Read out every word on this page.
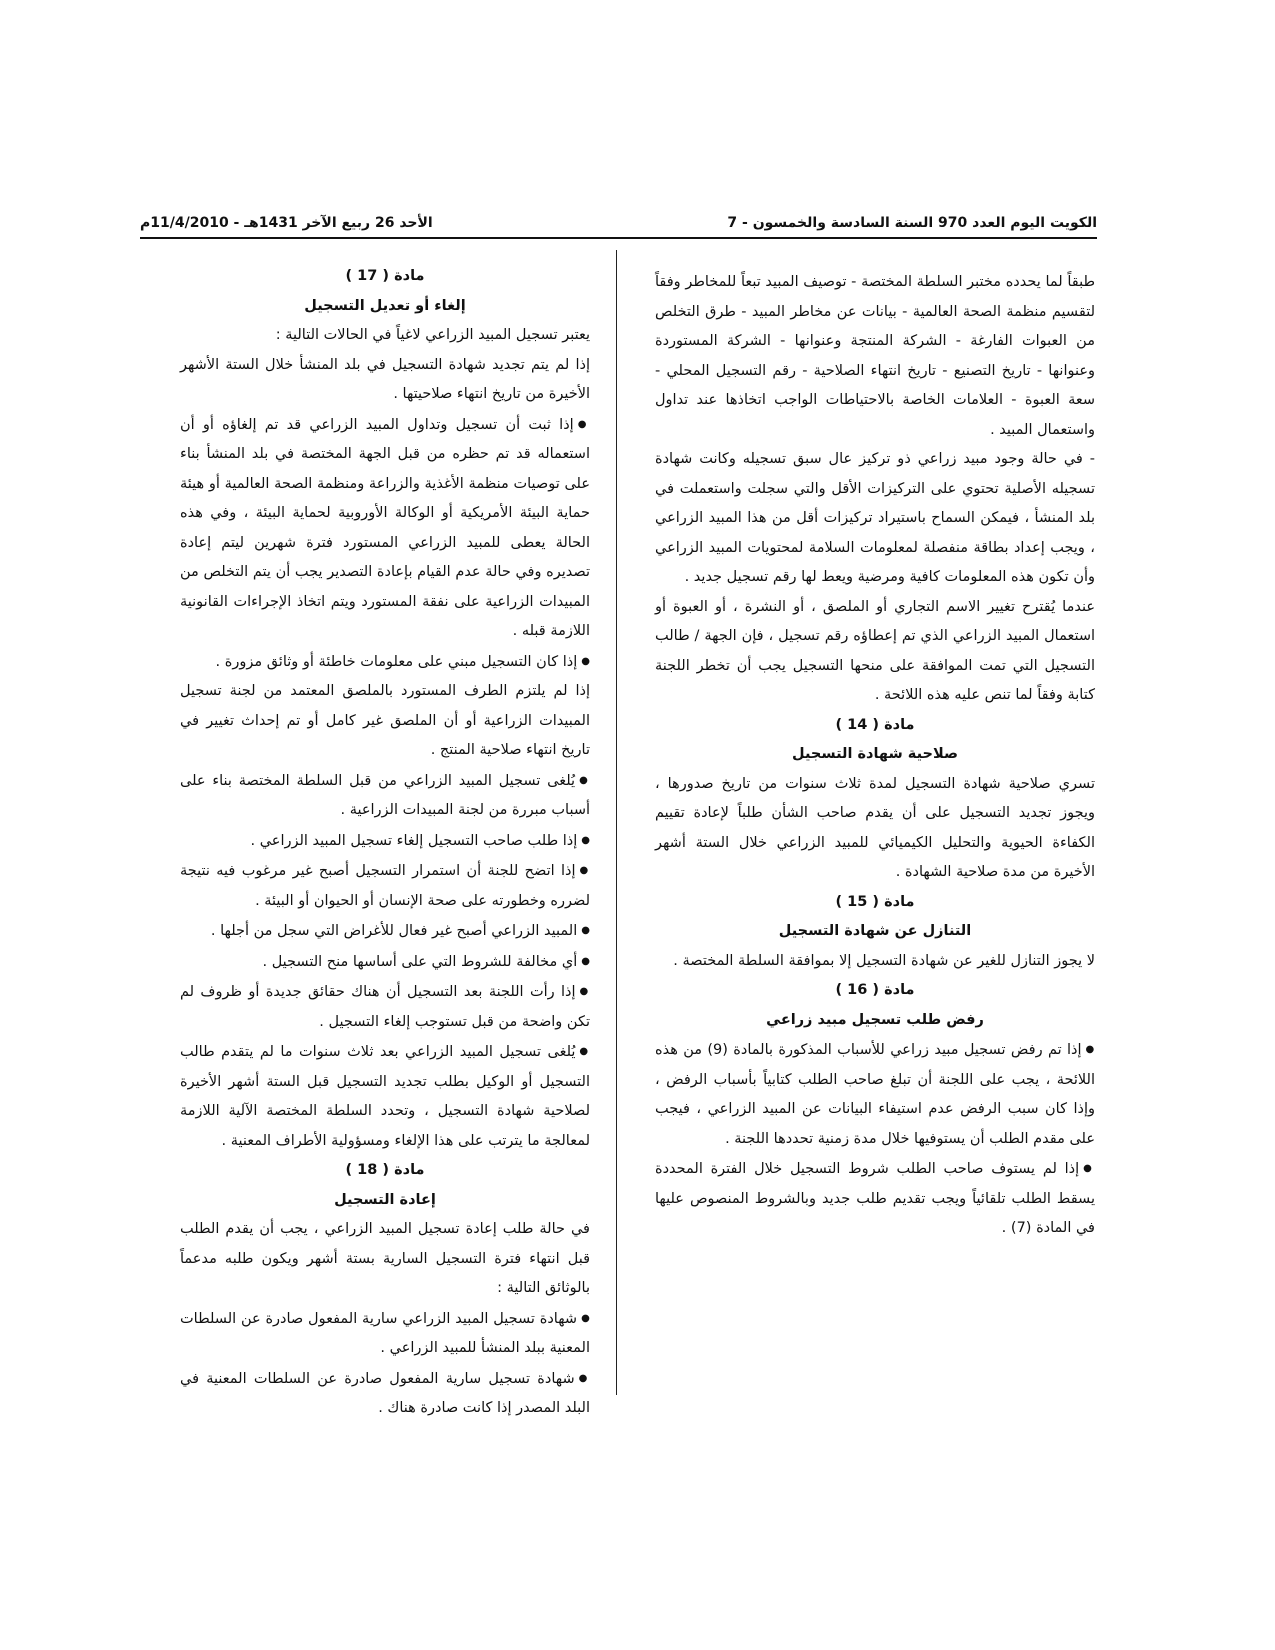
الكويت اليوم العدد 970 السنة السادسة والخمسون - 7
الأحد 26 ربيع الآخر 1431هـ - 11/4/2010م

طبقاً لما يحدده مختبر السلطة المختصة - توصيف المبيد تبعاً للمخاطر وفقاً لتقسيم منظمة الصحة العالمية - بيانات عن مخاطر المبيد - طرق التخلص من العبوات الفارغة - الشركة المنتجة وعنوانها - الشركة المستوردة وعنوانها - تاريخ التصنيع - تاريخ انتهاء الصلاحية - رقم التسجيل المحلي - سعة العبوة - العلامات الخاصة بالاحتياطات الواجب اتخاذها عند تداول واستعمال المبيد .

- في حالة وجود مبيد زراعي ذو تركيز عال سبق تسجيله وكانت شهادة تسجيله الأصلية تحتوي على التركيزات الأقل والتي سجلت واستعملت في بلد المنشأ ، فيمكن السماح باستيراد تركيزات أقل من هذا المبيد الزراعي ، ويجب إعداد بطاقة منفصلة لمعلومات السلامة لمحتويات المبيد الزراعي وأن تكون هذه المعلومات كافية ومرضية ويعط لها رقم تسجيل جديد .

عندما يُقترح تغيير الاسم التجاري أو الملصق ، أو النشرة ، أو العبوة أو استعمال المبيد الزراعي الذي تم إعطاؤه رقم تسجيل ، فإن الجهة / طالب التسجيل التي تمت الموافقة على منحها التسجيل يجب أن تخطر اللجنة كتابة وفقاً لما تنص عليه هذه اللائحة .

مادة ( 14 )

صلاحية شهادة التسجيل

تسري صلاحية شهادة التسجيل لمدة ثلاث سنوات من تاريخ صدورها ، ويجوز تجديد التسجيل على أن يقدم صاحب الشأن طلباً لإعادة تقييم الكفاءة الحيوية والتحليل الكيميائي للمبيد الزراعي خلال الستة أشهر الأخيرة من مدة صلاحية الشهادة .

مادة ( 15 )

التنازل عن شهادة التسجيل

لا يجوز التنازل للغير عن شهادة التسجيل إلا بموافقة السلطة المختصة .

مادة ( 16 )

رفض طلب تسجيل مبيد زراعي

● إذا تم رفض تسجيل مبيد زراعي للأسباب المذكورة بالمادة (9) من هذه اللائحة ، يجب على اللجنة أن تبلغ صاحب الطلب كتابياً بأسباب الرفض ، وإذا كان سبب الرفض عدم استيفاء البيانات عن المبيد الزراعي ، فيجب على مقدم الطلب أن يستوفيها خلال مدة زمنية تحددها اللجنة .

● إذا لم يستوف صاحب الطلب شروط التسجيل خلال الفترة المحددة يسقط الطلب تلقائياً ويجب تقديم طلب جديد وبالشروط المنصوص عليها في المادة (7) .

مادة ( 17 )

إلغاء أو تعديل التسجيل

يعتبر تسجيل المبيد الزراعي لاغياً في الحالات التالية :

إذا لم يتم تجديد شهادة التسجيل في بلد المنشأ خلال الستة الأشهر الأخيرة من تاريخ انتهاء صلاحيتها .

● إذا ثبت أن تسجيل وتداول المبيد الزراعي قد تم إلغاؤه أو أن استعماله قد تم حظره من قبل الجهة المختصة في بلد المنشأ بناء على توصيات منظمة الأغذية والزراعة ومنظمة الصحة العالمية أو هيئة حماية البيئة الأمريكية أو الوكالة الأوروبية لحماية البيئة ، وفي هذه الحالة يعطى للمبيد الزراعي المستورد فترة شهرين ليتم إعادة تصديره وفي حالة عدم القيام بإعادة التصدير يجب أن يتم التخلص من المبيدات الزراعية على نفقة المستورد ويتم اتخاذ الإجراءات القانونية اللازمة قبله .

● إذا كان التسجيل مبني على معلومات خاطئة أو وثائق مزورة .

إذا لم يلتزم الطرف المستورد بالملصق المعتمد من لجنة تسجيل المبيدات الزراعية أو أن الملصق غير كامل أو تم إحداث تغيير في تاريخ انتهاء صلاحية المنتج .

● يُلغى تسجيل المبيد الزراعي من قبل السلطة المختصة بناء على أسباب مبررة من لجنة المبيدات الزراعية .

● إذا طلب صاحب التسجيل إلغاء تسجيل المبيد الزراعي .

● إذا اتضح للجنة أن استمرار التسجيل أصبح غير مرغوب فيه نتيجة لضرره وخطورته على صحة الإنسان أو الحيوان أو البيئة .

● المبيد الزراعي أصبح غير فعال للأغراض التي سجل من أجلها .

● أي مخالفة للشروط التي على أساسها منح التسجيل .

● إذا رأت اللجنة بعد التسجيل أن هناك حقائق جديدة أو ظروف لم تكن واضحة من قبل تستوجب إلغاء التسجيل .

● يُلغى تسجيل المبيد الزراعي بعد ثلاث سنوات ما لم يتقدم طالب التسجيل أو الوكيل بطلب تجديد التسجيل قبل الستة أشهر الأخيرة لصلاحية شهادة التسجيل ، وتحدد السلطة المختصة الآلية اللازمة لمعالجة ما يترتب على هذا الإلغاء ومسؤولية الأطراف المعنية .

مادة ( 18 )

إعادة التسجيل

في حالة طلب إعادة تسجيل المبيد الزراعي ، يجب أن يقدم الطلب قبل انتهاء فترة التسجيل السارية بستة أشهر ويكون طلبه مدعماً بالوثائق التالية :

● شهادة تسجيل المبيد الزراعي سارية المفعول صادرة عن السلطات المعنية ببلد المنشأ للمبيد الزراعي .

● شهادة تسجيل سارية المفعول صادرة عن السلطات المعنية في البلد المصدر إذا كانت صادرة هناك .
